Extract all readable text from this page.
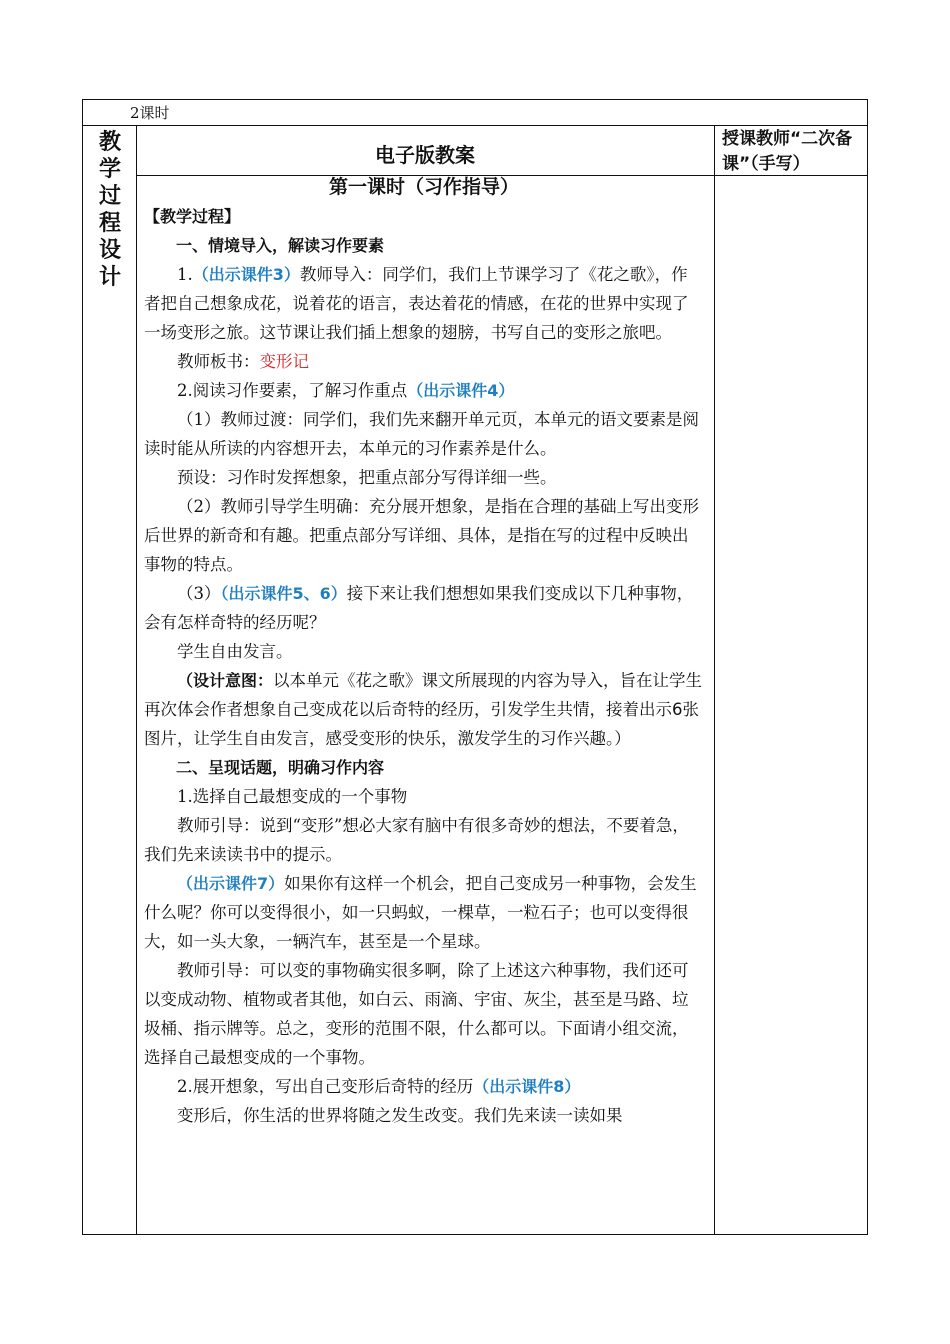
2课时
教
学
过
程
设
计
电子版教案
授课教师“二次备课”（手写）

第一课时（习作指导）

【教学过程】

一、情境导入，解读习作要素

1.（出示课件3）教师导入：同学们，我们上节课学习了《花之歌》，作者把自己想象成花，说着花的语言，表达着花的情感，在花的世界中实现了一场变形之旅。这节课让我们插上想象的翅膀，书写自己的变形之旅吧。

教师板书：变形记

2.阅读习作要素，了解习作重点（出示课件4）

（1）教师过渡：同学们，我们先来翻开单元页，本单元的语文要素是阅读时能从所读的内容想开去，本单元的习作素养是什么。

预设：习作时发挥想象，把重点部分写得详细一些。

（2）教师引导学生明确：充分展开想象，是指在合理的基础上写出变形后世界的新奇和有趣。把重点部分写详细、具体，是指在写的过程中反映出事物的特点。

（3）（出示课件5、6）接下来让我们想想如果我们变成以下几种事物，会有怎样奇特的经历呢？

学生自由发言。

（设计意图：以本单元《花之歌》课文所展现的内容为导入，旨在让学生再次体会作者想象自己变成花以后奇特的经历，引发学生共情，接着出示6张图片，让学生自由发言，感受变形的快乐，激发学生的习作兴趣。）

二、呈现话题，明确习作内容

1.选择自己最想变成的一个事物

教师引导：说到“变形”想必大家有脑中有很多奇妙的想法，不要着急，我们先来读读书中的提示。

（出示课件7）如果你有这样一个机会，把自己变成另一种事物，会发生什么呢？你可以变得很小，如一只蚂蚁，一棵草，一粒石子；也可以变得很大，如一头大象，一辆汽车，甚至是一个星球。

教师引导：可以变的事物确实很多啊，除了上述这六种事物，我们还可以变成动物、植物或者其他，如白云、雨滴、宇宙、灰尘，甚至是马路、垃圾桶、指示牌等。总之，变形的范围不限，什么都可以。下面请小组交流，选择自己最想变成的一个事物。

2.展开想象，写出自己变形后奇特的经历（出示课件8）

变形后，你生活的世界将随之发生改变。我们先来读一读如果
